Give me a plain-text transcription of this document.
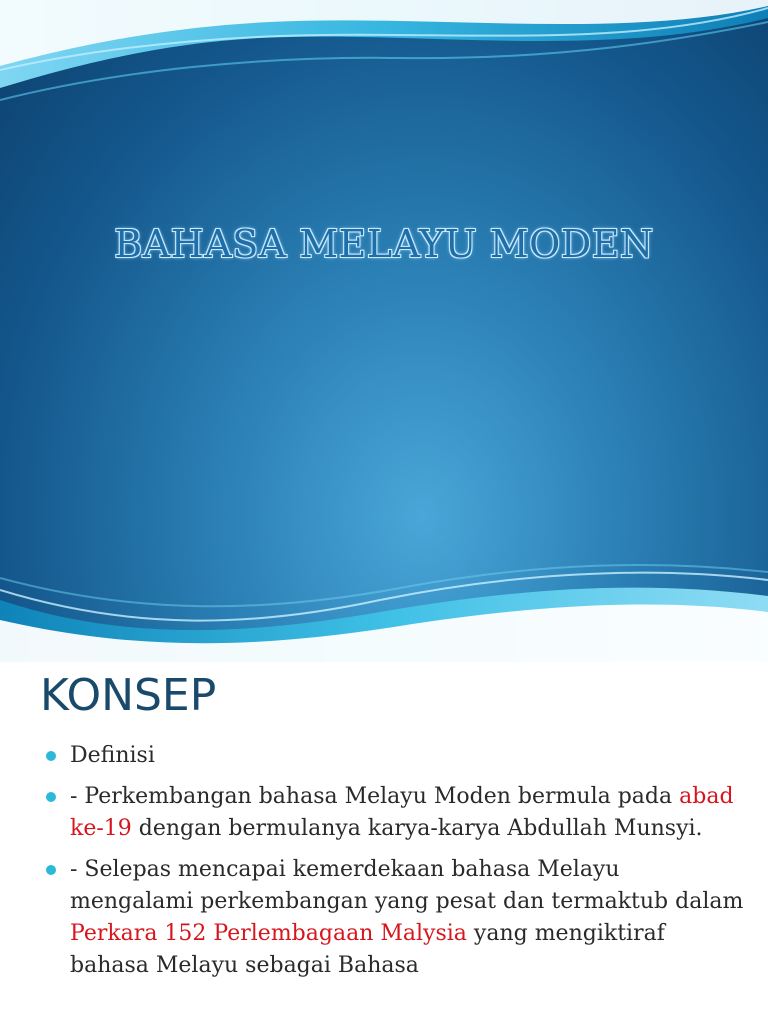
BAHASA MELAYU MODEN
KONSEP
Definisi
- Perkembangan bahasa Melayu Moden bermula pada abad ke-19 dengan bermulanya karya-karya Abdullah Munsyi.
- Selepas mencapai kemerdekaan bahasa Melayu mengalami perkembangan yang pesat dan termaktub dalam Perkara 152 Perlembagaan Malysia yang mengiktiraf bahasa Melayu sebagai Bahasa
